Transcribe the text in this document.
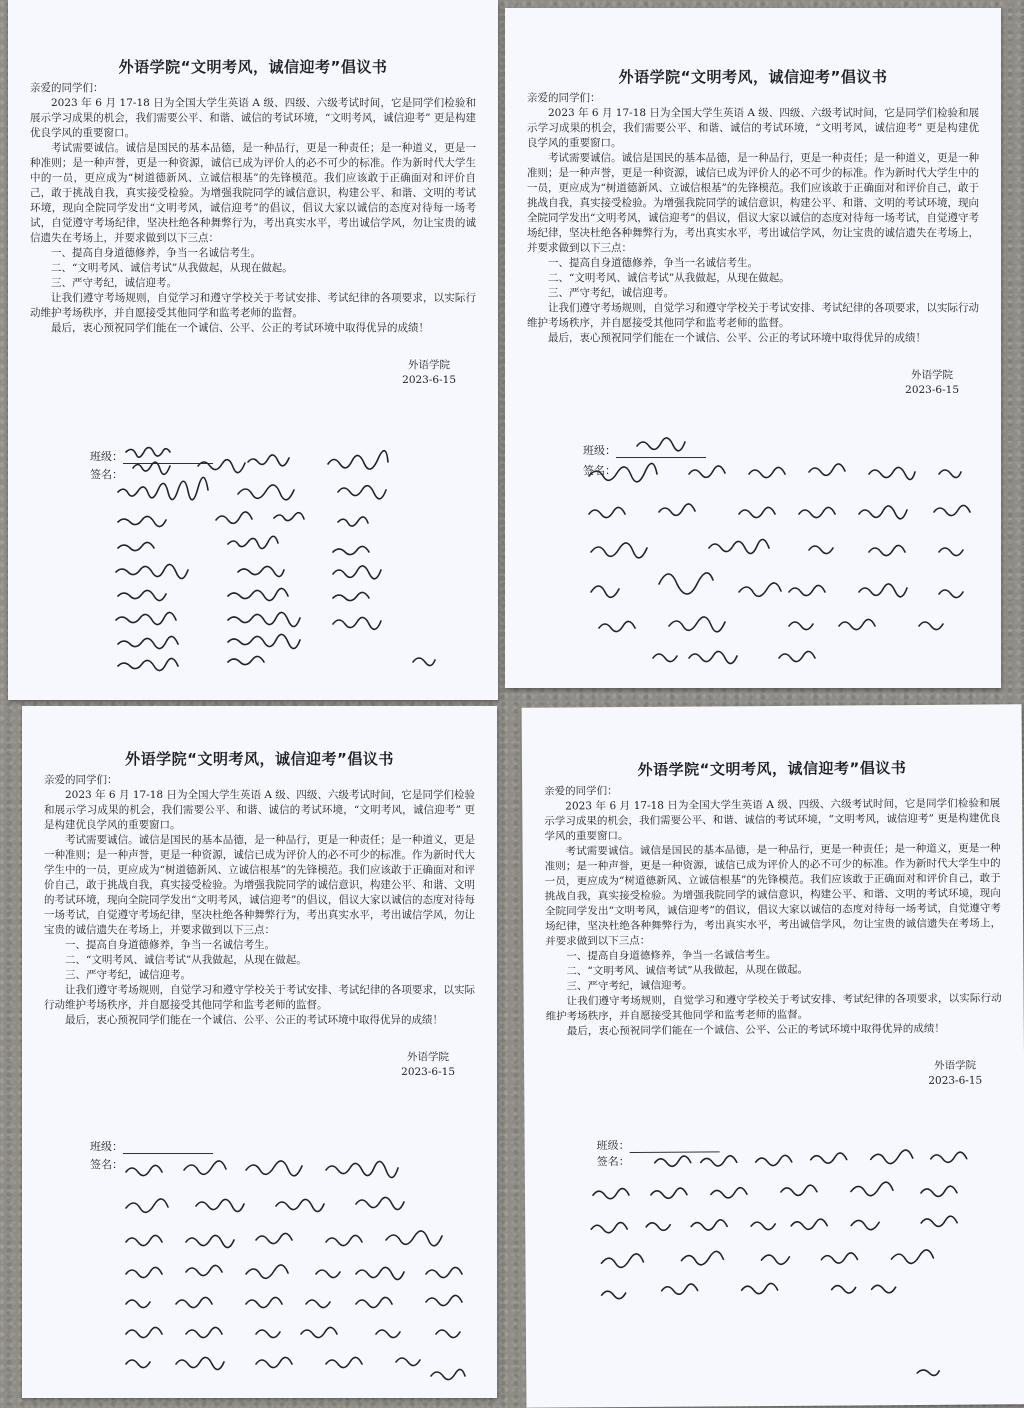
外语学院“文明考风，诚信迎考”倡议书

亲爱的同学们：

2023 年 6 月 17-18 日为全国大学生英语 A 级、四级、六级考试时间，它是同学们检验和展示学习成果的机会，我们需要公平、和谐、诚信的考试环境，“文明考风，诚信迎考” 更是构建优良学风的重要窗口。

考试需要诚信。诚信是国民的基本品德，是一种品行，更是一种责任；是一种道义，更是一种准则；是一种声誉，更是一种资源，诚信已成为评价人的必不可少的标准。作为新时代大学生中的一员，更应成为“树道德新风、立诚信根基”的先锋模范。我们应该敢于正确面对和评价自己，敢于挑战自我，真实接受检验。为增强我院同学的诚信意识，构建公平、和谐、文明的考试环境，现向全院同学发出“文明考风，诚信迎考”的倡议，倡议大家以诚信的态度对待每一场考试，自觉遵守考场纪律，坚决杜绝各种舞弊行为，考出真实水平，考出诚信学风，勿让宝贵的诚信遗失在考场上，并要求做到以下三点：

一、提高自身道德修养，争当一名诚信考生。

二、“文明考风、诚信考试”从我做起，从现在做起。

三、严守考纪，诚信迎考。

让我们遵守考场规则，自觉学习和遵守学校关于考试安排、考试纪律的各项要求，以实际行动维护考场秩序，并自愿接受其他同学和监考老师的监督。

最后，衷心预祝同学们能在一个诚信、公平、公正的考试环境中取得优异的成绩！

外语学院

2023-6-15

班级：
签名：

外语学院“文明考风，诚信迎考”倡议书

亲爱的同学们：

2023 年 6 月 17-18 日为全国大学生英语 A 级、四级、六级考试时间，它是同学们检验和展示学习成果的机会，我们需要公平、和谐、诚信的考试环境，“文明考风，诚信迎考” 更是构建优良学风的重要窗口。

考试需要诚信。诚信是国民的基本品德，是一种品行，更是一种责任；是一种道义，更是一种准则；是一种声誉，更是一种资源，诚信已成为评价人的必不可少的标准。作为新时代大学生中的一员，更应成为“树道德新风、立诚信根基”的先锋模范。我们应该敢于正确面对和评价自己，敢于挑战自我，真实接受检验。为增强我院同学的诚信意识，构建公平、和谐、文明的考试环境，现向全院同学发出“文明考风，诚信迎考”的倡议，倡议大家以诚信的态度对待每一场考试，自觉遵守考场纪律，坚决杜绝各种舞弊行为，考出真实水平，考出诚信学风，勿让宝贵的诚信遗失在考场上，并要求做到以下三点：

一、提高自身道德修养，争当一名诚信考生。

二、“文明考风、诚信考试”从我做起，从现在做起。

三、严守考纪，诚信迎考。

让我们遵守考场规则，自觉学习和遵守学校关于考试安排、考试纪律的各项要求，以实际行动维护考场秩序，并自愿接受其他同学和监考老师的监督。

最后，衷心预祝同学们能在一个诚信、公平、公正的考试环境中取得优异的成绩！

外语学院

2023-6-15

班级：
签名：

外语学院“文明考风，诚信迎考”倡议书

亲爱的同学们：

2023 年 6 月 17-18 日为全国大学生英语 A 级、四级、六级考试时间，它是同学们检验和展示学习成果的机会，我们需要公平、和谐、诚信的考试环境，“文明考风，诚信迎考” 更是构建优良学风的重要窗口。

考试需要诚信。诚信是国民的基本品德，是一种品行，更是一种责任；是一种道义，更是一种准则；是一种声誉，更是一种资源，诚信已成为评价人的必不可少的标准。作为新时代大学生中的一员，更应成为“树道德新风、立诚信根基”的先锋模范。我们应该敢于正确面对和评价自己，敢于挑战自我，真实接受检验。为增强我院同学的诚信意识，构建公平、和谐、文明的考试环境，现向全院同学发出“文明考风，诚信迎考”的倡议，倡议大家以诚信的态度对待每一场考试，自觉遵守考场纪律，坚决杜绝各种舞弊行为，考出真实水平，考出诚信学风，勿让宝贵的诚信遗失在考场上，并要求做到以下三点：

一、提高自身道德修养，争当一名诚信考生。

二、“文明考风、诚信考试”从我做起，从现在做起。

三、严守考纪，诚信迎考。

让我们遵守考场规则，自觉学习和遵守学校关于考试安排、考试纪律的各项要求，以实际行动维护考场秩序，并自愿接受其他同学和监考老师的监督。

最后，衷心预祝同学们能在一个诚信、公平、公正的考试环境中取得优异的成绩！

外语学院

2023-6-15

班级：
签名：

外语学院“文明考风，诚信迎考”倡议书

亲爱的同学们：

2023 年 6 月 17-18 日为全国大学生英语 A 级、四级、六级考试时间，它是同学们检验和展示学习成果的机会，我们需要公平、和谐、诚信的考试环境，“文明考风，诚信迎考” 更是构建优良学风的重要窗口。

考试需要诚信。诚信是国民的基本品德，是一种品行，更是一种责任；是一种道义，更是一种准则；是一种声誉，更是一种资源，诚信已成为评价人的必不可少的标准。作为新时代大学生中的一员，更应成为“树道德新风、立诚信根基”的先锋模范。我们应该敢于正确面对和评价自己，敢于挑战自我，真实接受检验。为增强我院同学的诚信意识，构建公平、和谐、文明的考试环境，现向全院同学发出“文明考风，诚信迎考”的倡议，倡议大家以诚信的态度对待每一场考试，自觉遵守考场纪律，坚决杜绝各种舞弊行为，考出真实水平，考出诚信学风，勿让宝贵的诚信遗失在考场上，并要求做到以下三点：

一、提高自身道德修养，争当一名诚信考生。

二、“文明考风、诚信考试”从我做起，从现在做起。

三、严守考纪，诚信迎考。

让我们遵守考场规则，自觉学习和遵守学校关于考试安排、考试纪律的各项要求，以实际行动维护考场秩序，并自愿接受其他同学和监考老师的监督。

最后，衷心预祝同学们能在一个诚信、公平、公正的考试环境中取得优异的成绩！

外语学院

2023-6-15

班级：
签名：
